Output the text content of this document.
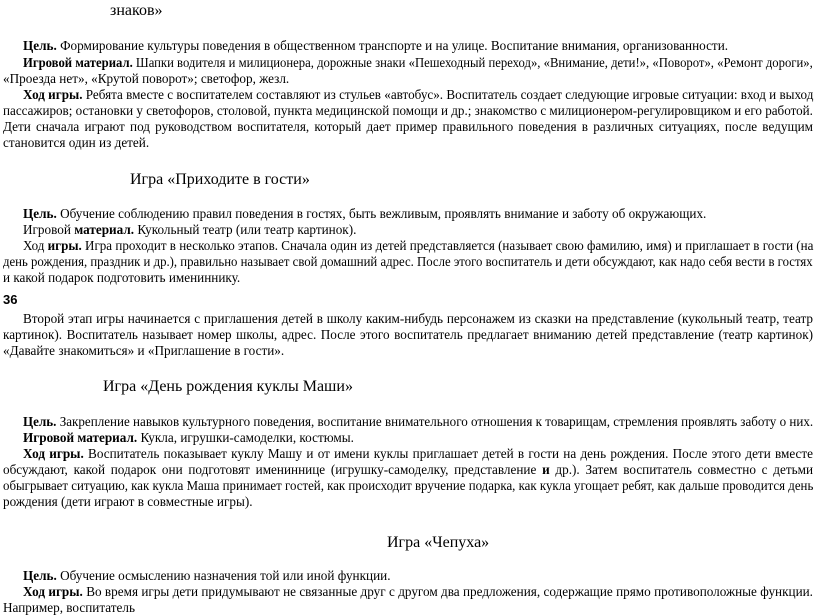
знаков»
Цель. Формирование культуры поведения в общественном транспорте и на улице. Воспитание внимания, организованности.
Игровой материал. Шапки водителя и милиционера, дорожные знаки «Пешеходный переход», «Внимание, дети!», «Поворот», «Ремонт дороги»,
«Проезда нет», «Крутой поворот»; светофор, жезл.
Ход игры. Ребята вместе с воспитателем составляют из стульев «автобус». Воспитатель создает следующие игровые ситуации: вход и выход
пассажиров; остановки у светофоров, столовой, пункта медицинской помощи и др.; знакомство с милиционером-регулировщиком и его работой.
Дети сначала играют под руководством воспитателя, который дает пример правильного поведения в различных ситуациях, после ведущим
становится один из детей.
Игра «Приходите в гости»
Цель. Обучение соблюдению правил поведения в гостях, быть вежливым, проявлять внимание и заботу об окружающих.
Игровой материал. Кукольный театр (или театр картинок).
Ход игры. Игра проходит в несколько этапов. Сначала один из детей представляется (называет свою фамилию, имя) и приглашает в гости (на
день рождения, праздник и др.), правильно называет свой домашний адрес. После этого воспитатель и дети обсуждают, как надо себя вести в гостях
и какой подарок подготовить имениннику.
36
Второй этап игры начинается с приглашения детей в школу каким-нибудь персонажем из сказки на представление (кукольный театр, театр
картинок). Воспитатель называет номер школы, адрес. После этого воспитатель предлагает вниманию детей представление (театр картинок)
«Давайте знакомиться» и «Приглашение в гости».
Игра «День рождения куклы Маши»
Цель. Закрепление навыков культурного поведения, воспитание внимательного отношения к товарищам, стремления проявлять заботу о них.
Игровой материал. Кукла, игрушки-самоделки, костюмы.
Ход игры. Воспитатель показывает куклу Машу и от имени куклы приглашает детей в гости на день рождения. После этого дети вместе
обсуждают, какой подарок они подготовят имениннице (игрушку-самоделку, представление и др.). Затем воспитатель совместно с детьми
обыгрывает ситуацию, как кукла Маша принимает гостей, как происходит вручение подарка, как кукла угощает ребят, как дальше проводится день
рождения (дети играют в совместные игры).
Игра «Чепуха»
Цель. Обучение осмыслению назначения той или иной функции.
Ход игры. Во время игры дети придумывают не связанные друг с другом два предложения, содержащие прямо противоположные функции.
Например, воспитатель
